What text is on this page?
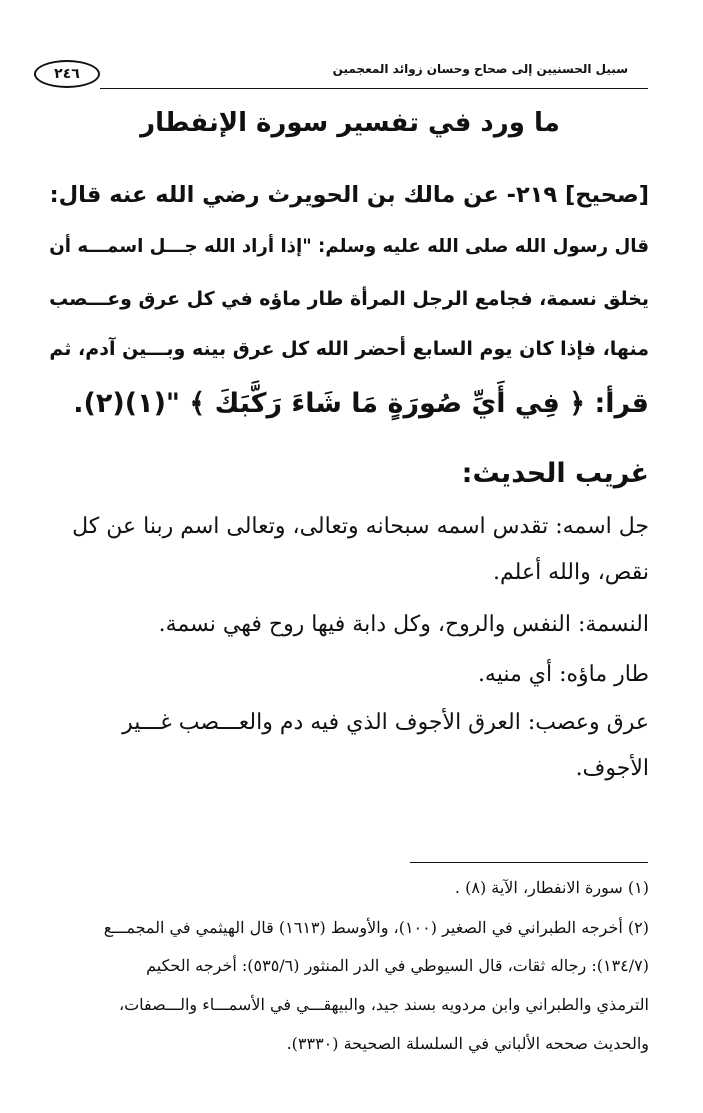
٢٤٦	سبيل الحسنيين إلى صحاح وحسان زوائد المعجمين
ما ورد في تفسير سورة الإنفطار
[صحيح] ٢١٩- عن مالك بن الحويرث رضي الله عنه قال:
قال رسول الله صلى الله عليه وسلم: "إذا أراد الله جـــل اسمـــه أن
يخلق نسمة، فجامع الرجل المرأة طار ماؤه في كل عرق وعـــصب
منها، فإذا كان يوم السابع أحضر الله كل عرق بينه وبـــين آدم، ثم
قرأ: ﴿ فِي أَيِّ صُورَةٍ مَا شَاءَ رَكَّبَكَ ﴾ "(١)(٢).
غريب الحديث:
جل اسمه: تقدس اسمه سبحانه وتعالى، وتعالى اسم ربنا عن كل
نقص، والله أعلم.
النسمة: النفس والروح، وكل دابة فيها روح فهي نسمة.
طار ماؤه: أي منيه.
عرق وعصب: العرق الأجوف الذي فيه دم والعـــصب غـــير
الأجوف.
(١) سورة الانفطار، الآية (٨) .
(٢) أخرجه الطبراني في الصغير (١٠٠)، والأوسط (١٦١٣) قال الهيثمي في المجمـــع
(١٣٤/٧): رجاله ثقات، قال السيوطي في الدر المنثور (٥٣٥/٦): أخرجه الحكيم
الترمذي والطبراني وابن مردويه بسند جيد، والبيهقـــي في الأسمـــاء والـــصفات،
والحديث صححه الألباني في السلسلة الصحيحة (٣٣٣٠).
